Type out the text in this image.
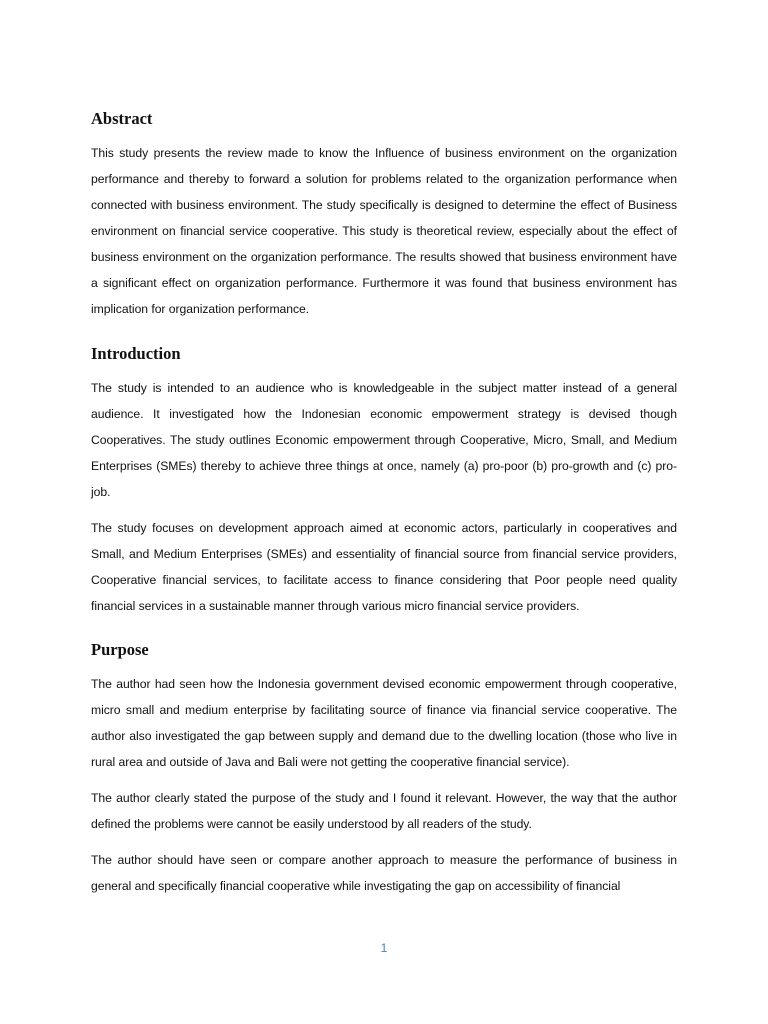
Abstract

This study presents the review made to know the Influence of business environment on the organization performance and thereby to forward a solution for problems related to the organization performance when connected with business environment. The study specifically is designed to determine the effect of Business environment on financial service cooperative. This study is theoretical review, especially about the effect of business environment on the organization performance. The results showed that business environment have a significant effect on organization performance. Furthermore it was found that business environment has implication for organization performance.

Introduction

The study is intended to an audience who is knowledgeable in the subject matter instead of a general audience. It investigated how the Indonesian economic empowerment strategy is devised though Cooperatives. The study outlines Economic empowerment through Cooperative, Micro, Small, and Medium Enterprises (SMEs) thereby to achieve three things at once, namely (a) pro-poor (b) pro-growth and (c) pro-job.

The study focuses on development approach aimed at economic actors, particularly in cooperatives and Small, and Medium Enterprises (SMEs) and essentiality of financial source from financial service providers, Cooperative financial services, to facilitate access to finance considering that Poor people need quality financial services in a sustainable manner through various micro financial service providers.

Purpose

The author had seen how the Indonesia government devised economic empowerment through cooperative, micro small and medium enterprise by facilitating source of finance via financial service cooperative. The author also investigated the gap between supply and demand due to the dwelling location (those who live in rural area and outside of Java and Bali were not getting the cooperative financial service).

The author clearly stated the purpose of the study and I found it relevant. However, the way that the author defined the problems were cannot be easily understood by all readers of the study.

The author should have seen or compare another approach to measure the performance of business in general and specifically financial cooperative while investigating the gap on accessibility of financial

1
